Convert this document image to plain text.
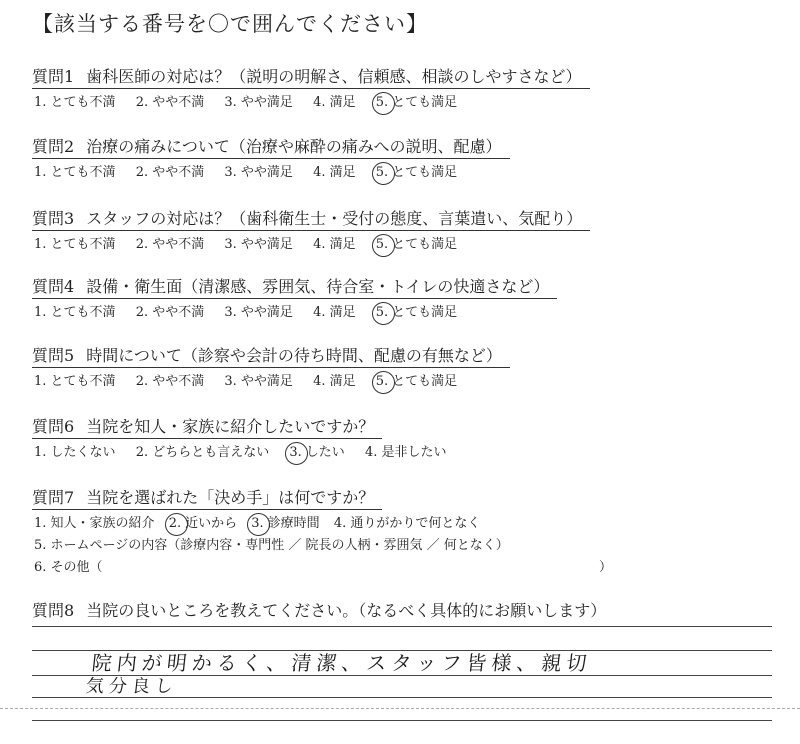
【該当する番号を〇で囲んでください】
質問1 歯科医師の対応は？（説明の明解さ、信頼感、相談のしやすさなど）
1. とても不満 2. やや不満 3. やや満足 4. 満足 5. とても満足
質問2 治療の痛みについて（治療や麻酔の痛みへの説明、配慮）
1. とても不満 2. やや不満 3. やや満足 4. 満足 5. とても満足
質問3 スタッフの対応は？（歯科衛生士・受付の態度、言葉遣い、気配り）
1. とても不満 2. やや不満 3. やや満足 4. 満足 5. とても満足
質問4 設備・衛生面（清潔感、雰囲気、待合室・トイレの快適さなど）
1. とても不満 2. やや不満 3. やや満足 4. 満足 5. とても満足
質問5 時間について（診察や会計の待ち時間、配慮の有無など）
1. とても不満 2. やや不満 3. やや満足 4. 満足 5. とても満足
質問6 当院を知人・家族に紹介したいですか？
1. したくない 2. どちらとも言えない 3. したい 4. 是非したい
質問7 当院を選ばれた「決め手」は何ですか？
1. 知人・家族の紹介 2. 近いから 3. 診療時間 4. 通りがかりで何となく
5. ホームページの内容（診療内容・専門性 ／ 院長の人柄・雰囲気 ／ 何となく）
6. その他（	）
質問8 当院の良いところを教えてください。（なるべく具体的にお願いします）
院内が明かるく、清潔、スタッフ皆様、親切
気分良し
